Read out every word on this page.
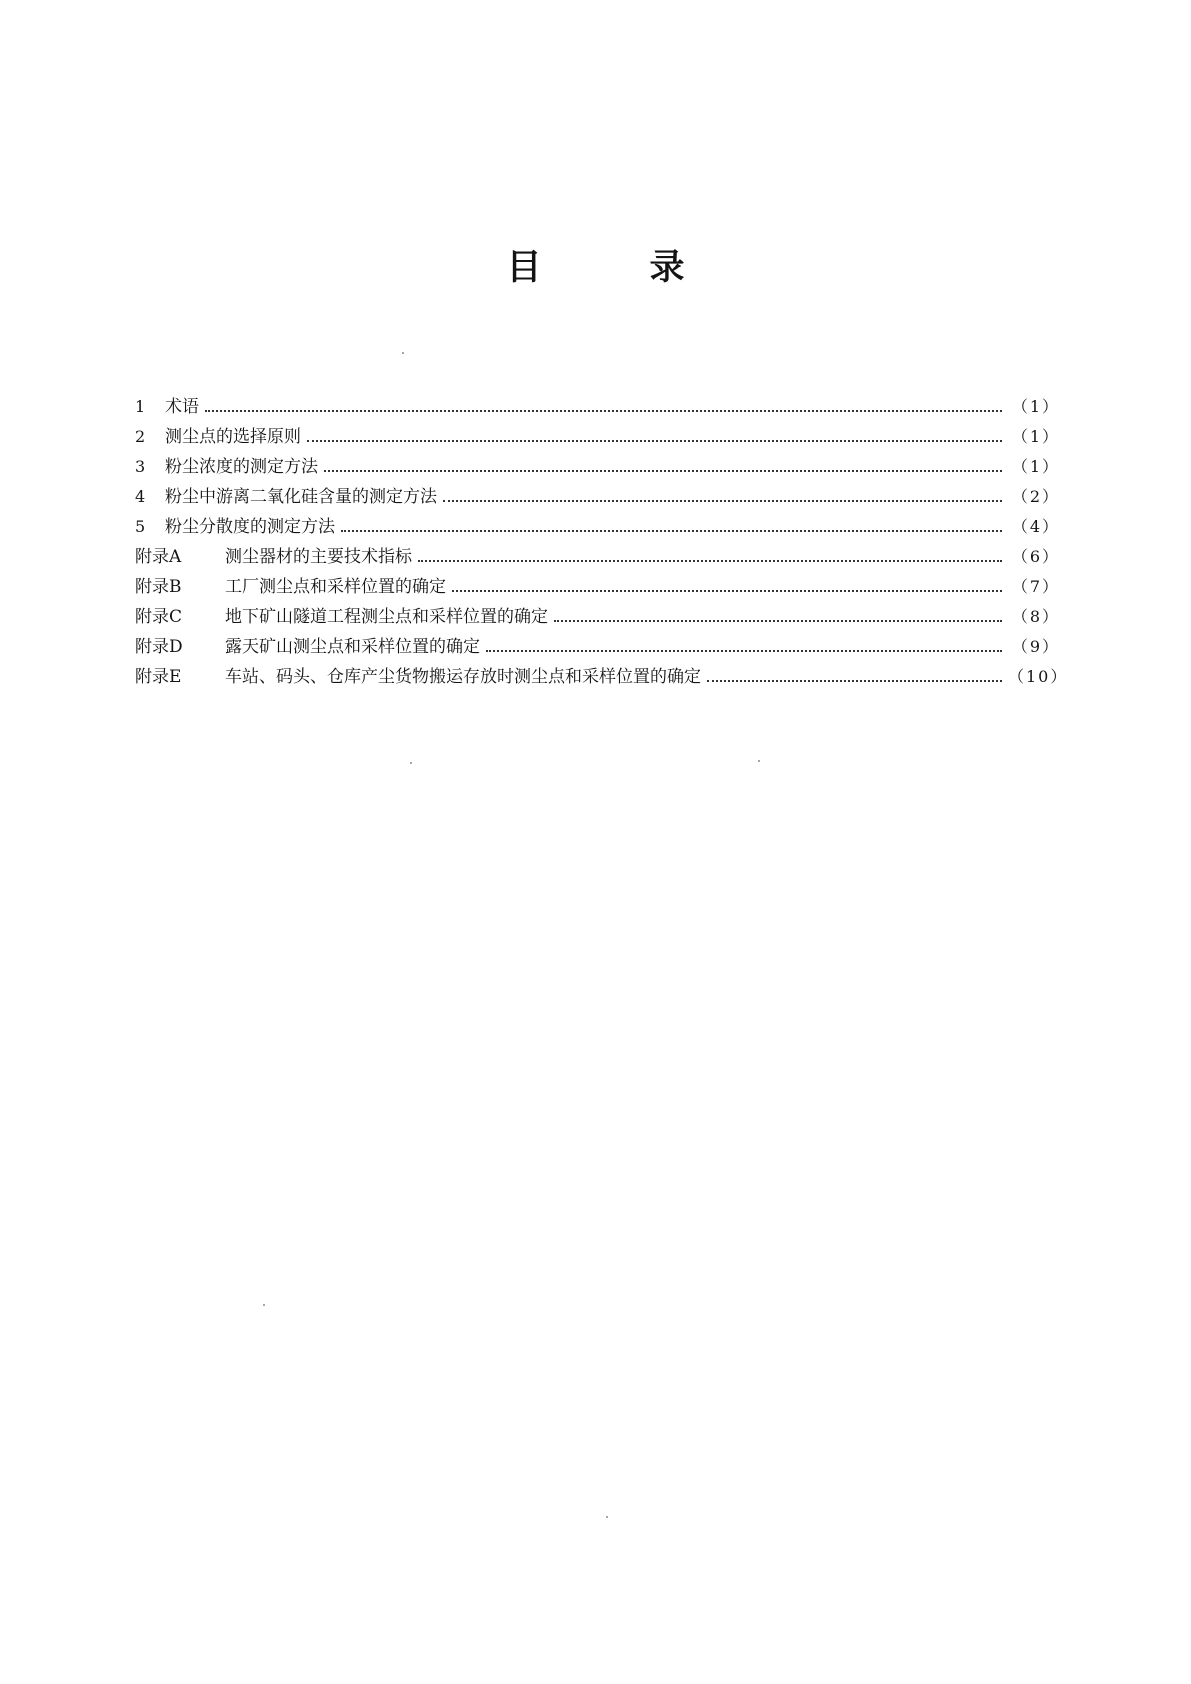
目	录
1	术语	（1）
2	测尘点的选择原则	（1）
3	粉尘浓度的测定方法	（1）
4	粉尘中游离二氧化硅含量的测定方法	（2）
5	粉尘分散度的测定方法	（4）
附录A	测尘器材的主要技术指标	（6）
附录B	工厂测尘点和采样位置的确定	（7）
附录C	地下矿山隧道工程测尘点和采样位置的确定	（8）
附录D	露天矿山测尘点和采样位置的确定	（9）
附录E	车站、码头、仓库产尘货物搬运存放时测尘点和采样位置的确定	（10）
